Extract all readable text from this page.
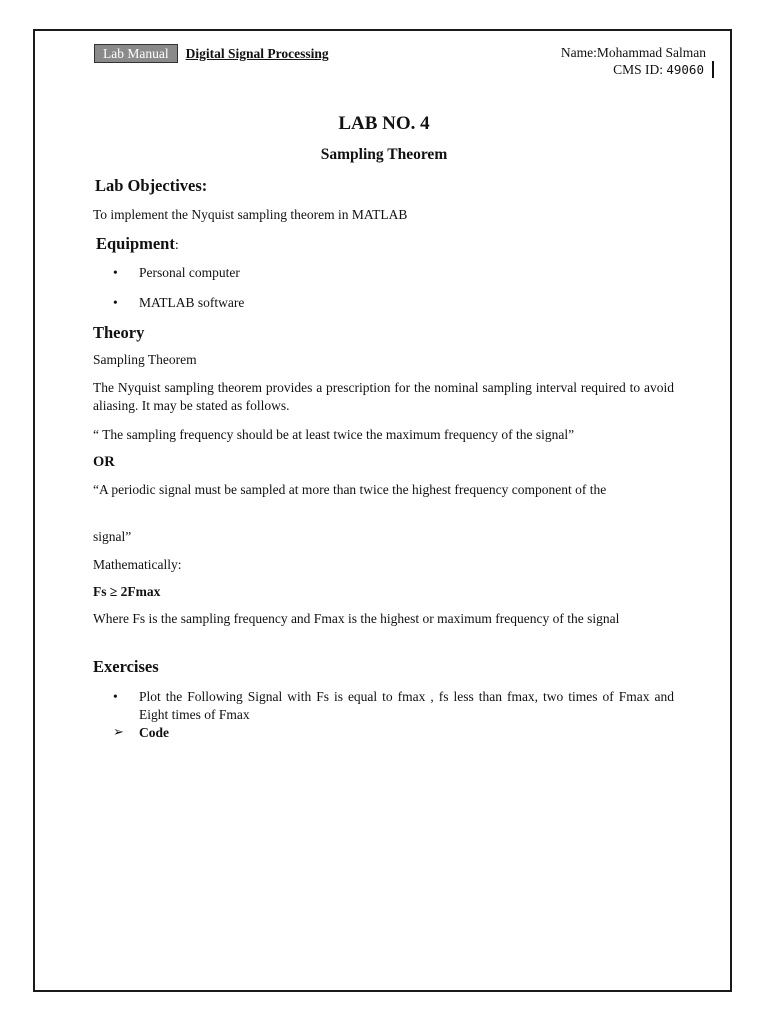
Lab Manual	Digital Signal Processing	Name:Mohammad Salman
CMS ID: 49060
LAB NO. 4
Sampling Theorem
Lab Objectives:
To implement the Nyquist sampling theorem in MATLAB
Equipment:
•	Personal computer
•	MATLAB software
Theory
Sampling Theorem
The Nyquist sampling theorem provides a prescription for the nominal sampling interval required to avoid aliasing. It may be stated as follows.
“ The sampling frequency should be at least twice the maximum frequency of the signal”
OR
“A periodic signal must be sampled at more than twice the highest frequency component of the
signal”
Mathematically:
Fs ≥ 2Fmax
Where Fs is the sampling frequency and Fmax is the highest or maximum frequency of the signal
Exercises
•	Plot the Following Signal with Fs is equal to fmax , fs less than fmax, two times of Fmax and Eight times of Fmax
➢	Code
